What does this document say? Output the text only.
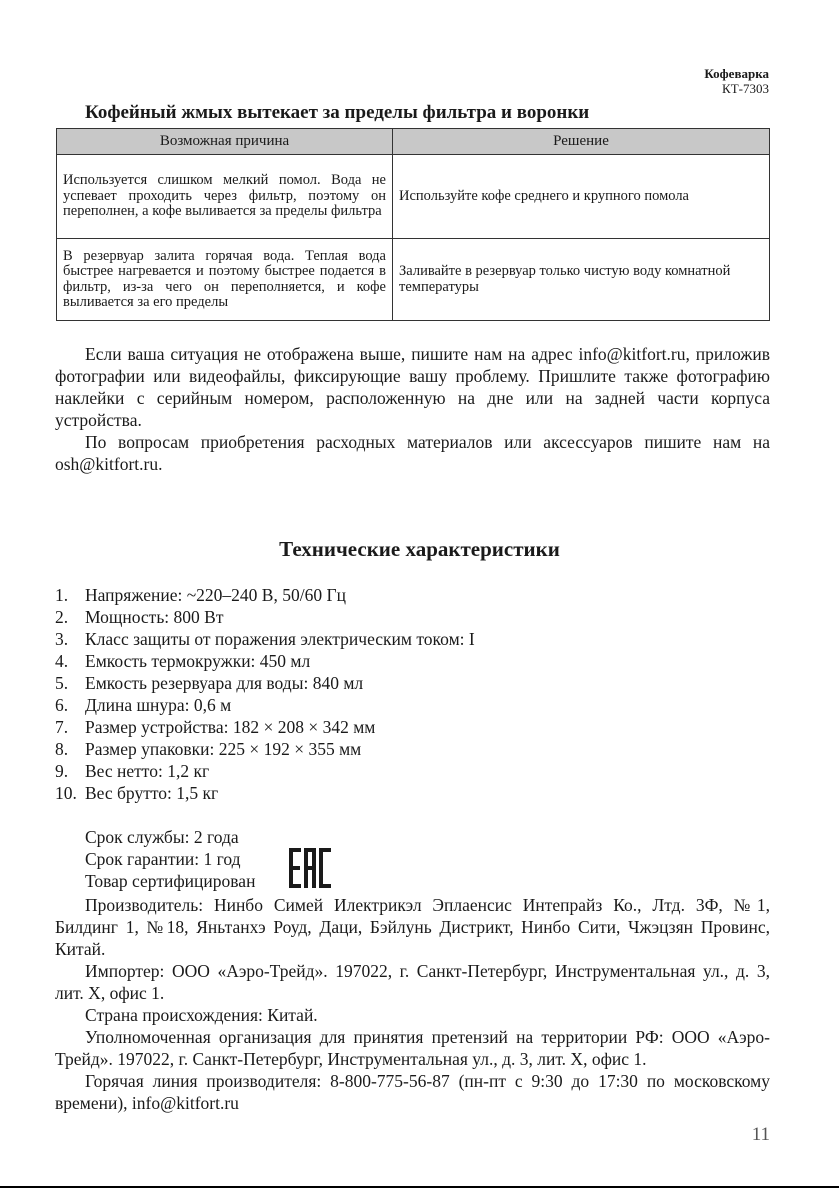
Кофеварка
КТ-7303
Кофейный жмых вытекает за пределы фильтра и воронки
Возможная причина	Решение
Используется слишком мелкий помол. Вода не успевает проходить через фильтр, поэтому он переполнен, а кофе выливается за пределы фильтра	Используйте кофе среднего и крупного помола
В резервуар залита горячая вода. Теплая вода быстрее нагревается и поэтому быстрее подается в фильтр, из-за чего он переполняется, и кофе выливается за его пределы	Заливайте в резервуар только чистую воду комнатной температуры

Если ваша ситуация не отображена выше, пишите нам на адрес info@kitfort.ru, приложив фотографии или видеофайлы, фиксирующие вашу проблему. Пришлите также фотографию наклейки с серийным номером, расположенную на дне или на задней части корпуса устройства.

По вопросам приобретения расходных материалов или аксессуаров пишите нам на osh@kitfort.ru.

Технические характеристики
1. Напряжение: ~220–240 В, 50/60 Гц
2. Мощность: 800 Вт
3. Класс защиты от поражения электрическим током: I
4. Емкость термокружки: 450 мл
5. Емкость резервуара для воды: 840 мл
6. Длина шнура: 0,6 м
7. Размер устройства: 182 × 208 × 342 мм
8. Размер упаковки: 225 × 192 × 355 мм
9. Вес нетто: 1,2 кг
10. Вес брутто: 1,5 кг
Срок службы: 2 года
Срок гарантии: 1 год
Товар сертифицирован

Производитель: Нинбо Симей Илектрикэл Эплаенсис Интепрайз Ко., Лтд. 3Ф, №1, Билдинг 1, №18, Яньтанхэ Роуд, Даци, Бэйлунь Дистрикт, Нинбо Сити, Чжэцзян Провинс, Китай.

Импортер: ООО «Аэро-Трейд». 197022, г. Санкт-Петербург, Инструментальная ул., д. 3, лит. Х, офис 1.

Страна происхождения: Китай.

Уполномоченная организация для принятия претензий на территории РФ: ООО «Аэро-Трейд». 197022, г. Санкт-Петербург, Инструментальная ул., д. 3, лит. Х, офис 1.

Горячая линия производителя: 8-800-775-56-87 (пн-пт с 9:30 до 17:30 по московскому времени), info@kitfort.ru

11
